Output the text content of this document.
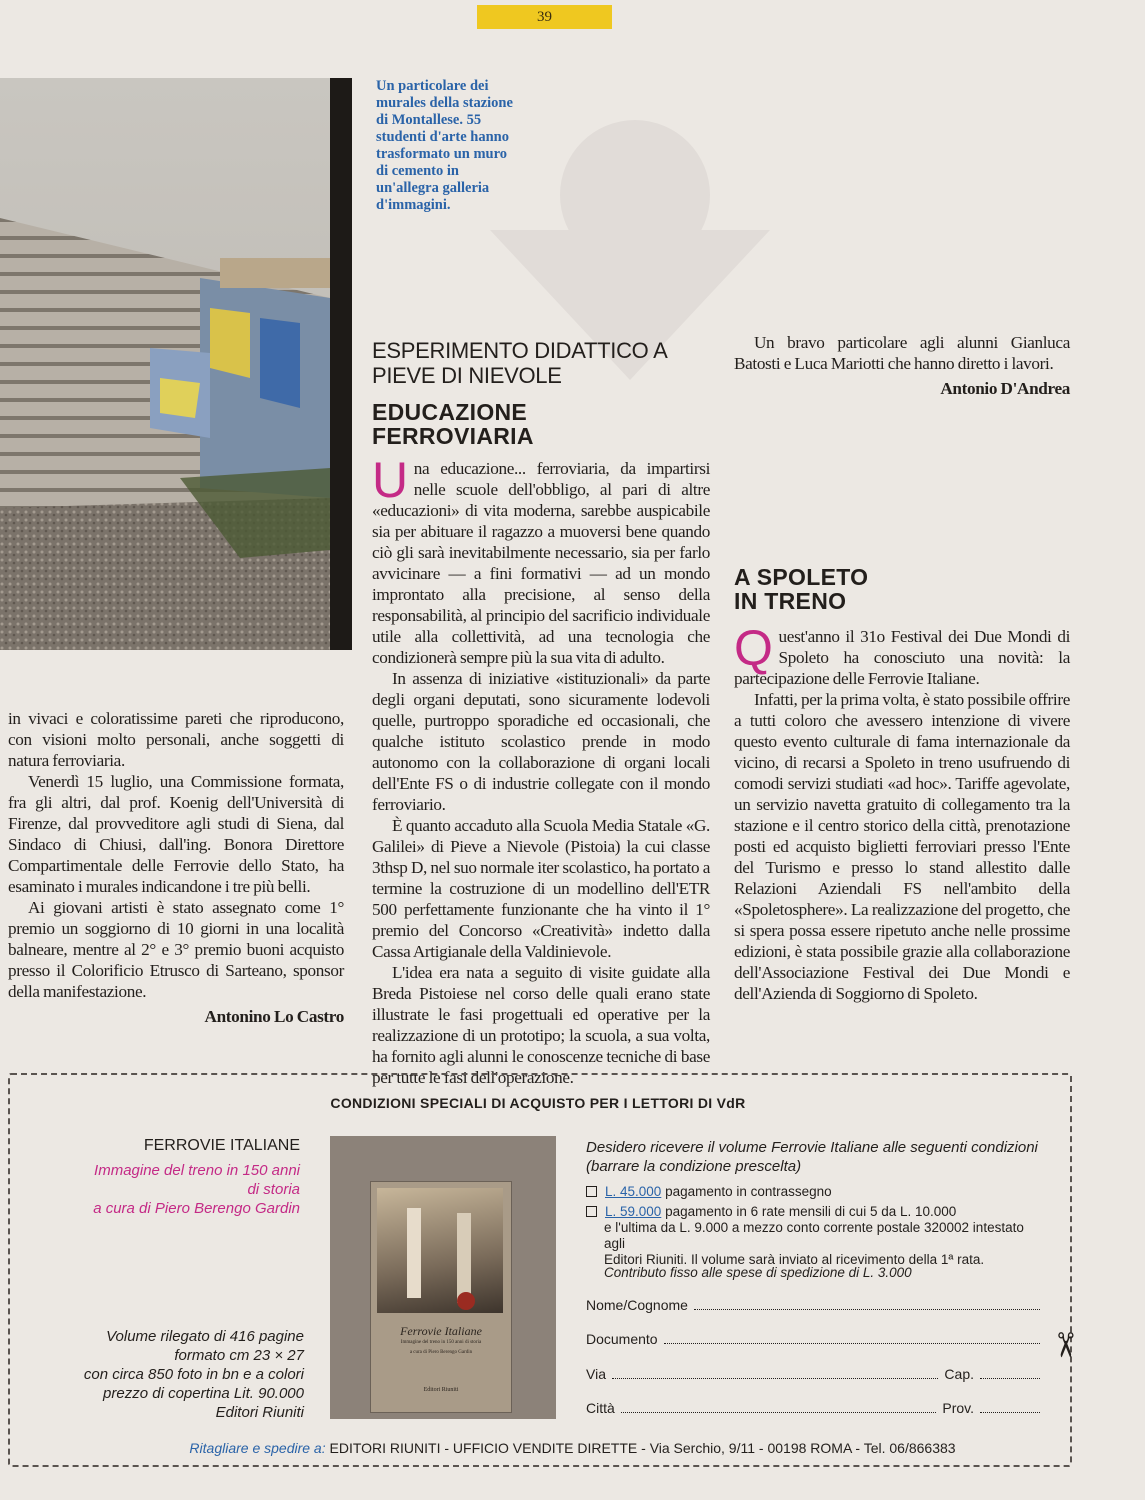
39
Un particolare dei murales della stazione di Montallese. 55 studenti d'arte hanno trasformato un muro di cemento in un'allegra galleria d'immagini.
ESPERIMENTO DIDATTICO A PIEVE DI NIEVOLE
EDUCAZIONE
FERROVIARIA

Una educazione... ferroviaria, da impartirsi nelle scuole dell'obbligo, al pari di altre «educazioni» di vita moderna, sarebbe auspicabile sia per abituare il ragazzo a muoversi bene quando ciò gli sarà inevitabilmente necessario, sia per farlo avvicinare — a fini formativi — ad un mondo improntato alla precisione, al senso della responsabilità, al principio del sacrificio individuale utile alla collettività, ad una tecnologia che condizionerà sempre più la sua vita di adulto.

In assenza di iniziative «istituzionali» da parte degli organi deputati, sono sicuramente lodevoli quelle, purtroppo sporadiche ed occasionali, che qualche istituto scolastico prende in modo autonomo con la collaborazione di organi locali dell'Ente FS o di industrie collegate con il mondo ferroviario.

È quanto accaduto alla Scuola Media Statale «G. Galilei» di Pieve a Nievole (Pistoia) la cui classe 3thsp D, nel suo normale iter scolastico, ha portato a termine la costruzione di un modellino dell'ETR 500 perfettamente funzionante che ha vinto il 1° premio del Concorso «Creatività» indetto dalla Cassa Artigianale della Valdinievole.

L'idea era nata a seguito di visite guidate alla Breda Pistoiese nel corso delle quali erano state illustrate le fasi progettuali ed operative per la realizzazione di un prototipo; la scuola, a sua volta, ha fornito agli alunni le conoscenze tecniche di base per tutte le fasi dell'operazione.

Un bravo particolare agli alunni Gianluca Batosti e Luca Mariotti che hanno diretto i lavori.

Antonio D'Andrea

in vivaci e coloratissime pareti che riproducono, con visioni molto personali, anche soggetti di natura ferroviaria.

Venerdì 15 luglio, una Commissione formata, fra gli altri, dal prof. Koenig dell'Università di Firenze, dal provveditore agli studi di Siena, dal Sindaco di Chiusi, dall'ing. Bonora Direttore Compartimentale delle Ferrovie dello Stato, ha esaminato i murales indicandone i tre più belli.

Ai giovani artisti è stato assegnato come 1° premio un soggiorno di 10 giorni in una località balneare, mentre al 2° e 3° premio buoni acquisto presso il Colorificio Etrusco di Sarteano, sponsor della manifestazione.

Antonino Lo Castro
A SPOLETO
IN TRENO

Quest'anno il 31o Festival dei Due Mondi di Spoleto ha conosciuto una novità: la partecipazione delle Ferrovie Italiane.

Infatti, per la prima volta, è stato possibile offrire a tutti coloro che avessero intenzione di vivere questo evento culturale di fama internazionale da vicino, di recarsi a Spoleto in treno usufruendo di comodi servizi studiati «ad hoc». Tariffe agevolate, un servizio navetta gratuito di collegamento tra la stazione e il centro storico della città, prenotazione posti ed acquisto biglietti ferroviari presso l'Ente del Turismo e presso lo stand allestito dalle Relazioni Aziendali FS nell'ambito della «Spoletosphere». La realizzazione del progetto, che si spera possa essere ripetuto anche nelle prossime edizioni, è stata possibile grazie alla collaborazione dell'Associazione Festival dei Due Mondi e dell'Azienda di Soggiorno di Spoleto.

CONDIZIONI SPECIALI DI ACQUISTO PER I LETTORI DI VdR
FERROVIE ITALIANE
Immagine del treno in 150 anni di storia
a cura di Piero Berengo Gardin
Volume rilegato di 416 pagine
formato cm 23 × 27
con circa 850 foto in bn e a colori
prezzo di copertina Lit. 90.000
Editori Riuniti
Ferrovie Italiane
Immagine del treno in 150 anni di storia
a cura di Piero Berengo Gardin
Editori Riuniti
Desidero ricevere il volume Ferrovie Italiane alle seguenti condizioni
(barrare la condizione prescelta)
L. 45.000 pagamento in contrassegno
L. 59.000 pagamento in 6 rate mensili di cui 5 da L. 10.000
e l'ultima da L. 9.000 a mezzo conto corrente postale 320002 intestato agli
Editori Riuniti. Il volume sarà inviato al ricevimento della 1ª rata.
Contributo fisso alle spese di spedizione di L. 3.000
Nome/Cognome
Documento
Via	Cap.
Città	Prov.
✂
Ritagliare e spedire a: EDITORI RIUNITI - UFFICIO VENDITE DIRETTE - Via Serchio, 9/11 - 00198 ROMA - Tel. 06/866383
